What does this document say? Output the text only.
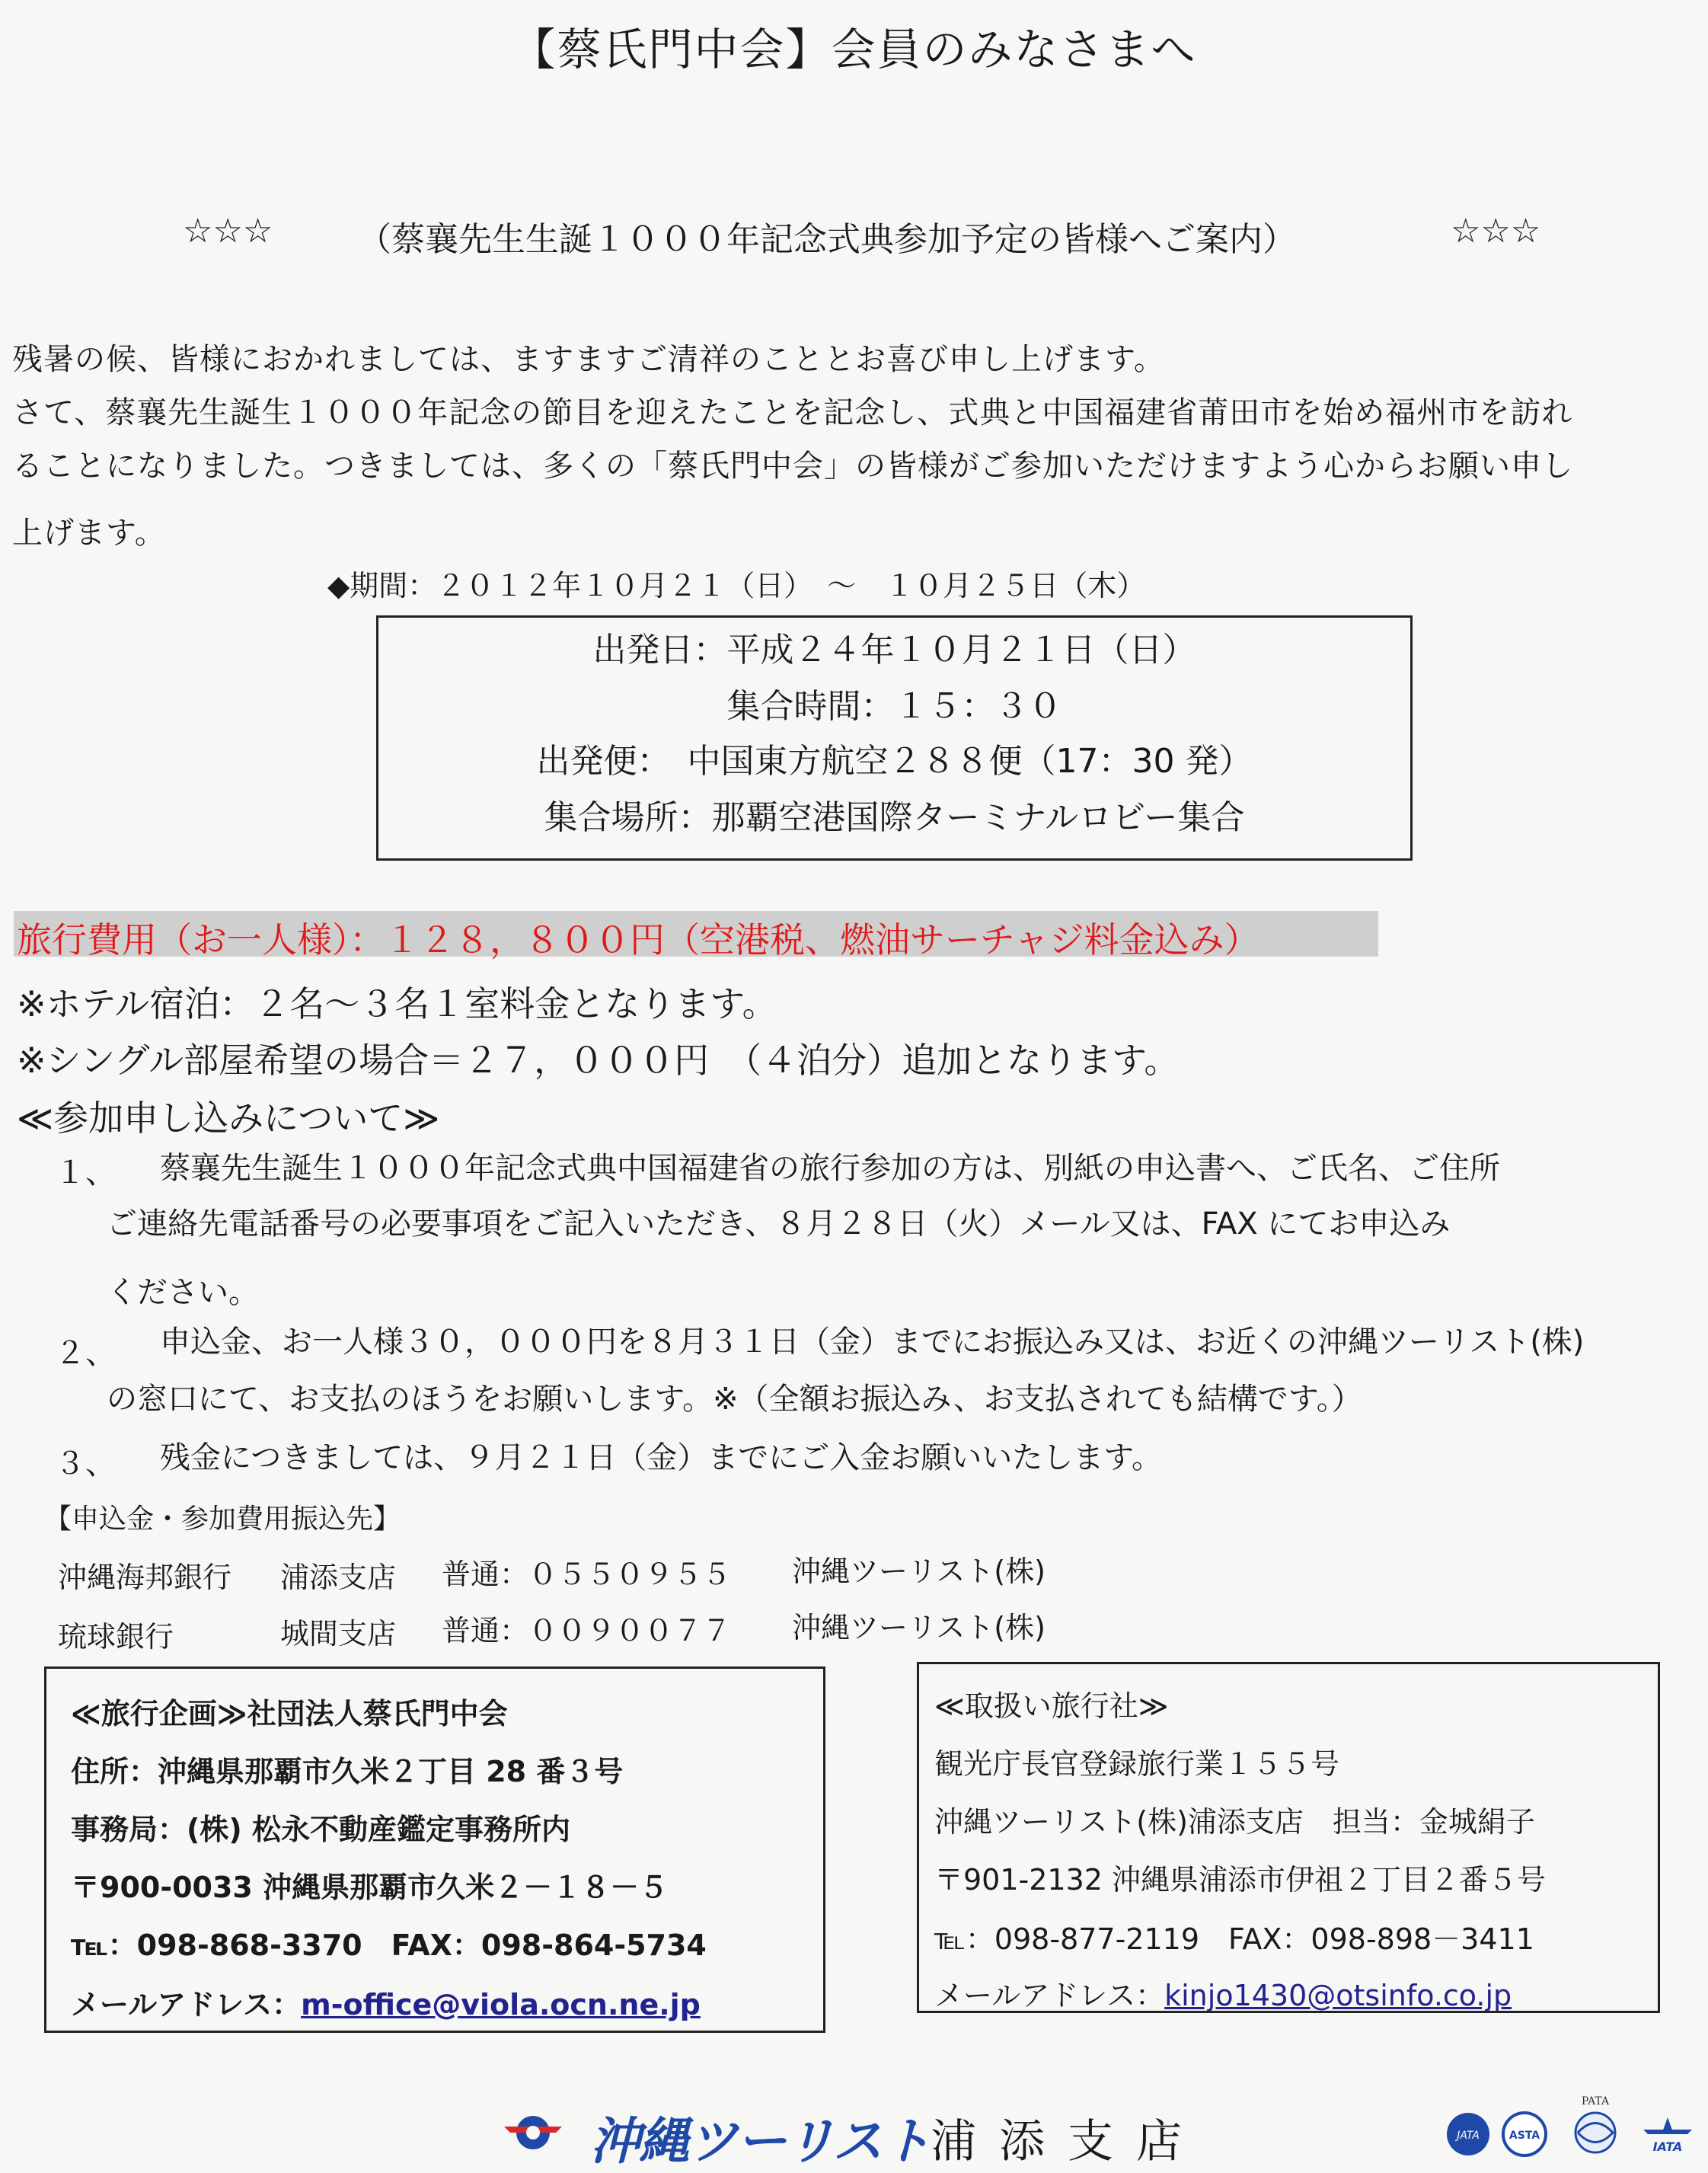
【蔡氏門中会】会員のみなさまへ
☆☆☆	（蔡襄先生生誕１０００年記念式典参加予定の皆様へご案内）	☆☆☆
残暑の候、皆様におかれましては、ますますご清祥のこととお喜び申し上げます。
さて、蔡襄先生誕生１０００年記念の節目を迎えたことを記念し、式典と中国福建省莆田市を始め福州市を訪れ
ることになりました。つきましては、多くの「蔡氏門中会」の皆様がご参加いただけますよう心からお願い申し
上げます。
◆期間：２０１２年１０月２１（日）　～　１０月２５日（木）
出発日：平成２４年１０月２１日（日）
集合時間：１５：３０
出発便：　中国東方航空２８８便（17：30 発）
集合場所：那覇空港国際ターミナルロビー集合
旅行費用（お一人様）：１２８，８００円（空港税、燃油サーチャジ料金込み）
※ホテル宿泊：２名～３名１室料金となります。
※シングル部屋希望の場合＝２７，０００円　（４泊分）追加となります。
≪参加申し込みについて≫
１、 蔡襄先生誕生１０００年記念式典中国福建省の旅行参加の方は、別紙の申込書へ、ご氏名、ご住所
ご連絡先電話番号の必要事項をご記入いただき、８月２８日（火）メール又は、FAX にてお申込み
ください。
２、 申込金、お一人様３０，０００円を８月３１日（金）までにお振込み又は、お近くの沖縄ツーリスト(株)
の窓口にて、お支払のほうをお願いします。※（全額お振込み、お支払されても結構です。）
３、 残金につきましては、９月２１日（金）までにご入金お願いいたします。
【申込金・参加費用振込先】
沖縄海邦銀行 浦添支店 普通：０５５０９５５ 沖縄ツーリスト(株)
琉球銀行	城間支店 普通：００９００７７ 沖縄ツーリスト(株)
≪旅行企画≫社団法人蔡氏門中会
住所：沖縄県那覇市久米２丁目 28 番３号
事務局：(株) 松永不動産鑑定事務所内
〒900-0033 沖縄県那覇市久米２－１８－５
℡：098-868-3370　FAX：098-864-5734
メールアドレス：m-office@viola.ocn.ne.jp
≪取扱い旅行社≫
観光庁長官登録旅行業１５５号
沖縄ツーリスト(株)浦添支店　担当：金城絹子
〒901-2132 沖縄県浦添市伊祖２丁目２番５号
℡：098-877-2119　FAX：098-898－3411
メールアドレス：kinjo1430@otsinfo.co.jp
沖縄ツーリスト 浦添支店	JATA	ASTA
PATA
IATA
